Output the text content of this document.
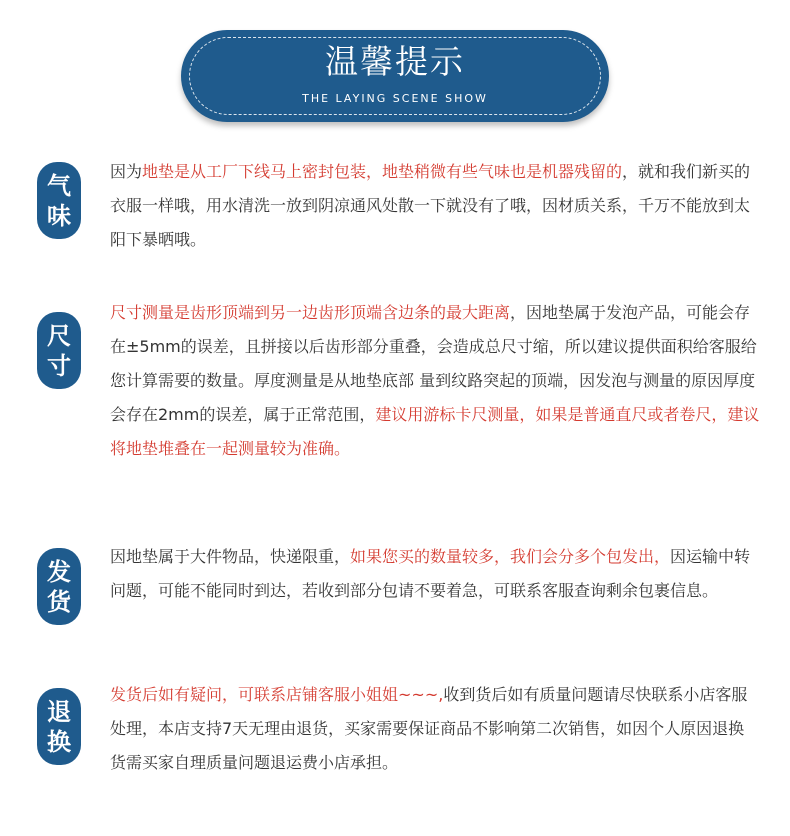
温馨提示
THE LAYING SCENE SHOW
气
味

因为地垫是从工厂下线马上密封包装，地垫稍微有些气味也是机器残留的，就和我们新买的衣服一样哦，用水清洗一放到阴凉通风处散一下就没有了哦，因材质关系，千万不能放到太阳下暴晒哦。

尺
寸

尺寸测量是齿形顶端到另一边齿形顶端含边条的最大距离，因地垫属于发泡产品，可能会存在±5mm的误差，且拼接以后齿形部分重叠，会造成总尺寸缩，所以建议提供面积给客服给您计算需要的数量。厚度测量是从地垫底部 量到纹路突起的顶端，因发泡与测量的原因厚度会存在2mm的误差，属于正常范围，建议用游标卡尺测量，如果是普通直尺或者卷尺，建议将地垫堆叠在一起测量较为准确。

发
货

因地垫属于大件物品，快递限重，如果您买的数量较多，我们会分多个包发出，因运输中转问题，可能不能同时到达，若收到部分包请不要着急，可联系客服查询剩余包裹信息。

退
换

发货后如有疑问，可联系店铺客服小姐姐~~~,收到货后如有质量问题请尽快联系小店客服处理，本店支持7天无理由退货，买家需要保证商品不影响第二次销售，如因个人原因退换货需买家自理质量问题退运费小店承担。
